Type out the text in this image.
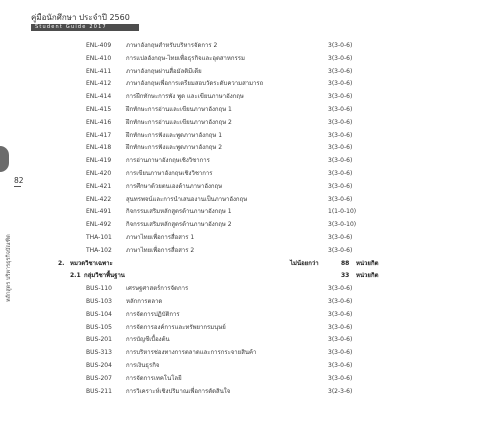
คู่มือนักศึกษา ประจำปี 2560
Student Guide 2017
82
หลักสูตร บริหารธุรกิจบัณฑิต
ENL-409 ภาษาอังกฤษสำหรับบริหารจัดการ 2	3(3-0-6)
ENL-410 การแปลอังกฤษ-ไทยเพื่อธุรกิจและอุตสาหกรรม	3(3-0-6)
ENL-411 ภาษาอังกฤษผ่านสื่อมัลติมีเดีย	3(3-0-6)
ENL-412 ภาษาอังกฤษเพื่อการเตรียมสอบวัดระดับความสามารถ	3(3-0-6)
ENL-414 การฝึกทักษะการพัง พูด และเขียนภาษาอังกฤษ	3(3-0-6)
ENL-415 ฝึกทักษะการอ่านและเขียนภาษาอังกฤษ 1	3(3-0-6)
ENL-416 ฝึกทักษะการอ่านและเขียนภาษาอังกฤษ 2	3(3-0-6)
ENL-417 ฝึกทักษะการฟังและพูดภาษาอังกฤษ 1	3(3-0-6)
ENL-418 ฝึกทักษะการฟังและพูดภาษาอังกฤษ 2	3(3-0-6)
ENL-419 การอ่านภาษาอังกฤษเชิงวิชาการ	3(3-0-6)
ENL-420 การเขียนภาษาอังกฤษเชิงวิชาการ	3(3-0-6)
ENL-421 การศึกษาด้วยตนเองด้านภาษาอังกฤษ	3(3-0-6)
ENL-422 สุนทรพจน์และการนำเสนองานเป็นภาษาอังกฤษ	3(3-0-6)
ENL-491 กิจกรรมเสริมหลักสูตรด้านภาษาอังกฤษ 1	1(1-0-10)
ENL-492 กิจกรรมเสริมหลักสูตรด้านภาษาอังกฤษ 2	3(3-0-10)
THA-101 ภาษาไทยเพื่อการสื่อสาร 1	3(3-0-6)
THA-102 ภาษาไทยเพื่อการสื่อสาร 2	3(3-0-6)
2. หมวดวิชาเฉพาะ	ไม่น้อยกว่า	88 หน่วยกิต
2.1 กลุ่มวิชาพื้นฐาน	33 หน่วยกิต
BUS-110 เศรษฐศาสตร์การจัดการ	3(3-0-6)
BUS-103 หลักการตลาด	3(3-0-6)
BUS-104 การจัดการปฏิบัติการ	3(3-0-6)
BUS-105 การจัดการองค์การและทรัพยากรมนุษย์	3(3-0-6)
BUS-201 การบัญชีเบื้องต้น	3(3-0-6)
BUS-313 การบริหารช่องทางการตลาดและการกระจายสินค้า	3(3-0-6)
BUS-204 การเงินธุรกิจ	3(3-0-6)
BUS-207 การจัดการเทคโนโลยี	3(3-0-6)
BUS-211 การวิเคราะห์เชิงปริมาณเพื่อการตัดสินใจ	3(2-3-6)
